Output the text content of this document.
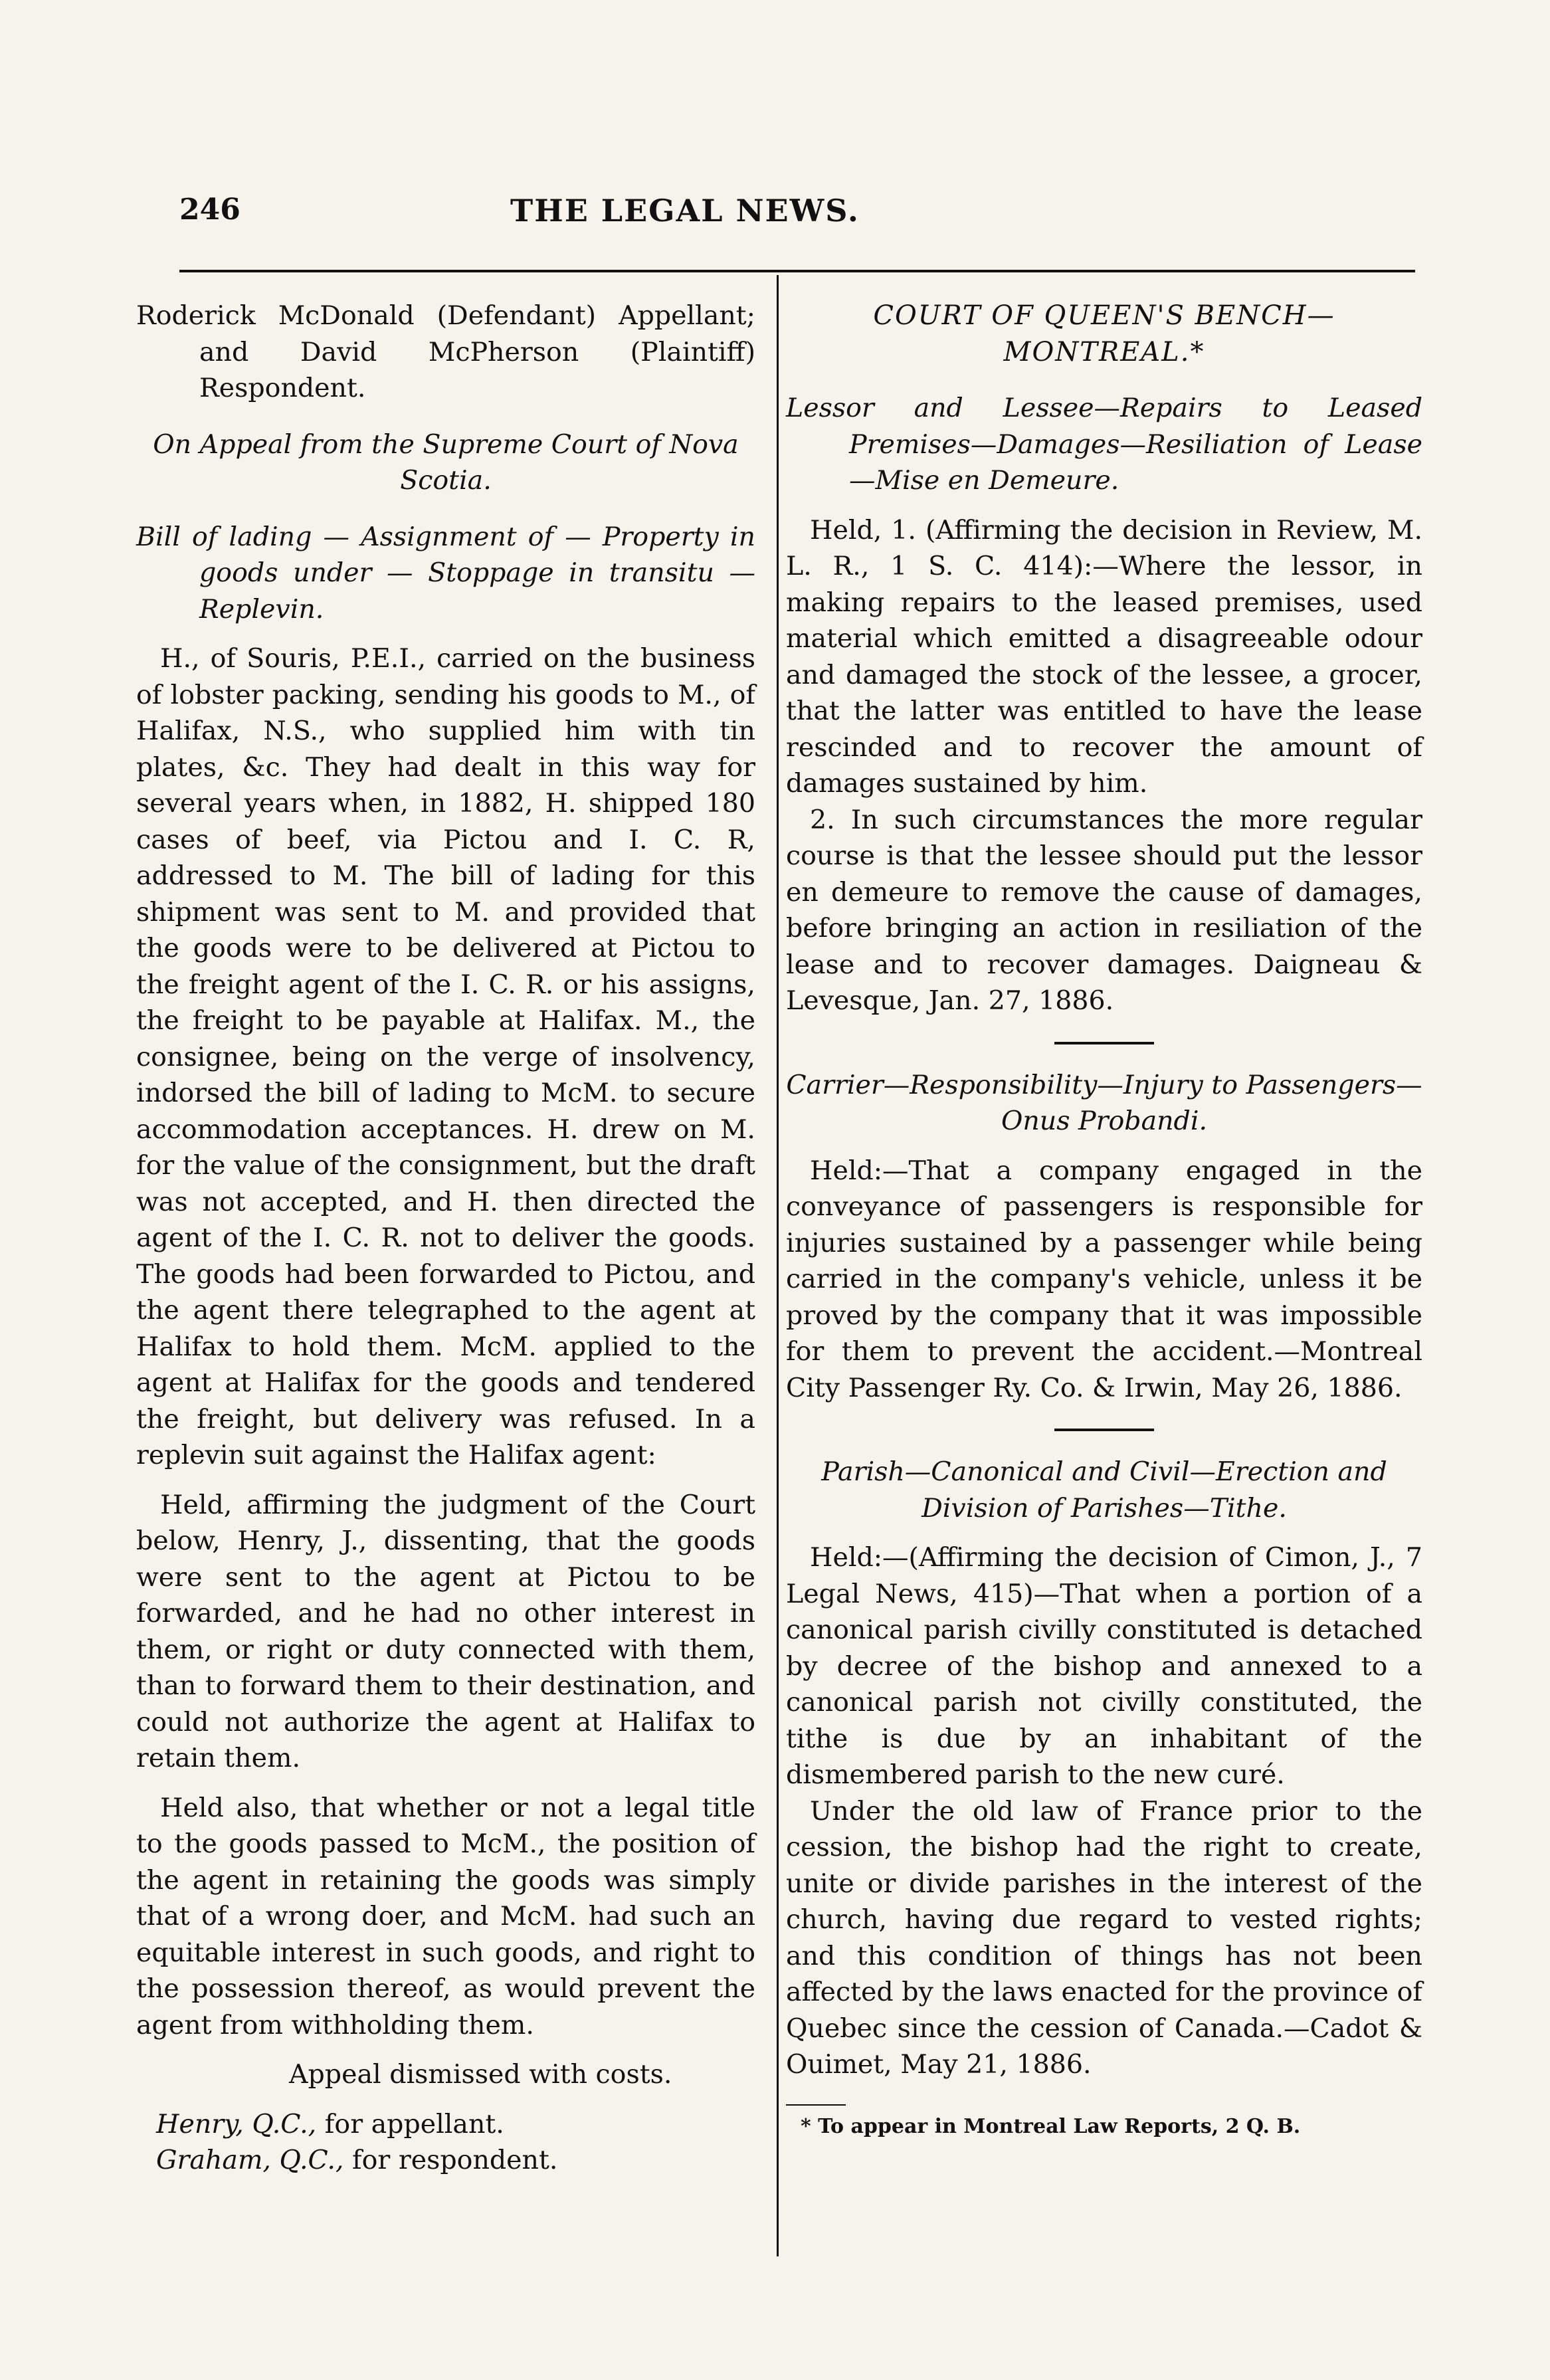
246	THE LEGAL NEWS.

Roderick McDonald (Defendant) Appellant; and David McPherson (Plaintiff) Respondent.

On Appeal from the Supreme Court of Nova Scotia.

Bill of lading — Assignment of — Property in goods under — Stoppage in transitu — Replevin.

H., of Souris, P.E.I., carried on the business of lobster packing, sending his goods to M., of Halifax, N.S., who supplied him with tin plates, &c. They had dealt in this way for several years when, in 1882, H. shipped 180 cases of beef, via Pictou and I. C. R, addressed to M. The bill of lading for this shipment was sent to M. and provided that the goods were to be delivered at Pictou to the freight agent of the I. C. R. or his assigns, the freight to be payable at Halifax. M., the consignee, being on the verge of insolvency, indorsed the bill of lading to McM. to secure accommodation acceptances. H. drew on M. for the value of the consignment, but the draft was not accepted, and H. then directed the agent of the I. C. R. not to deliver the goods. The goods had been forwarded to Pictou, and the agent there telegraphed to the agent at Halifax to hold them. McM. applied to the agent at Halifax for the goods and tendered the freight, but delivery was refused. In a replevin suit against the Halifax agent:

Held, affirming the judgment of the Court below, Henry, J., dissenting, that the goods were sent to the agent at Pictou to be forwarded, and he had no other interest in them, or right or duty connected with them, than to forward them to their destination, and could not authorize the agent at Halifax to retain them.

Held also, that whether or not a legal title to the goods passed to McM., the position of the agent in retaining the goods was simply that of a wrong doer, and McM. had such an equitable interest in such goods, and right to the possession thereof, as would prevent the agent from withholding them.

Appeal dismissed with costs.

Henry, Q.C., for appellant.

Graham, Q.C., for respondent.

COURT OF QUEEN'S BENCH—

MONTREAL.*

Lessor and Lessee—Repairs to Leased Premises—Damages—Resiliation of Lease—Mise en Demeure.

Held, 1. (Affirming the decision in Review, M. L. R., 1 S. C. 414):—Where the lessor, in making repairs to the leased premises, used material which emitted a disagreeable odour and damaged the stock of the lessee, a grocer, that the latter was entitled to have the lease rescinded and to recover the amount of damages sustained by him.

2. In such circumstances the more regular course is that the lessee should put the lessor en demeure to remove the cause of damages, before bringing an action in resiliation of the lease and to recover damages. Daigneau & Levesque, Jan. 27, 1886.

Carrier—Responsibility—Injury to Passengers—Onus Probandi.

Held:—That a company engaged in the conveyance of passengers is responsible for injuries sustained by a passenger while being carried in the company's vehicle, unless it be proved by the company that it was impossible for them to prevent the accident.—Montreal City Passenger Ry. Co. & Irwin, May 26, 1886.

Parish—Canonical and Civil—Erection and Division of Parishes—Tithe.

Held:—(Affirming the decision of Cimon, J., 7 Legal News, 415)—That when a portion of a canonical parish civilly constituted is detached by decree of the bishop and annexed to a canonical parish not civilly constituted, the tithe is due by an inhabitant of the dismembered parish to the new curé.

Under the old law of France prior to the cession, the bishop had the right to create, unite or divide parishes in the interest of the church, having due regard to vested rights; and this condition of things has not been affected by the laws enacted for the province of Quebec since the cession of Canada.—Cadot & Ouimet, May 21, 1886.

* To appear in Montreal Law Reports, 2 Q. B.
